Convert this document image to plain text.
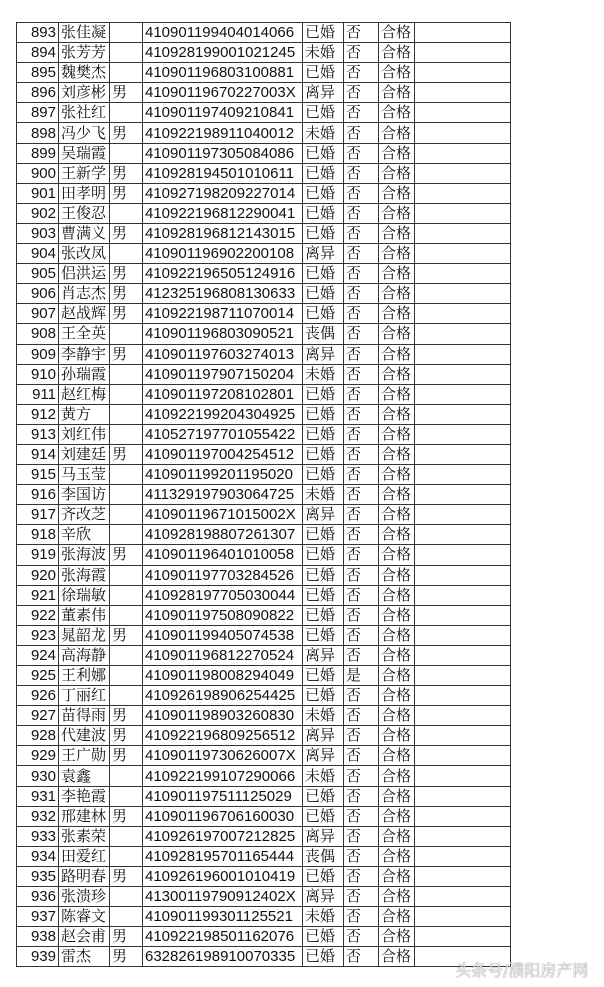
893	张佳凝		410901199404014066	已婚	否	合格	
894	张芳芳		410928199001021245	未婚	否	合格	
895	魏樊杰		410901196803100881	已婚	否	合格	
896	刘彦彬	男	41090119670227003X	离异	否	合格	
897	张社红		410901197409210841	已婚	否	合格	
898	冯少飞	男	410922198911040012	未婚	否	合格	
899	吴瑞霞		410901197305084086	已婚	否	合格	
900	王新学	男	410928194501010611	已婚	否	合格	
901	田孝明	男	410927198209227014	已婚	否	合格	
902	王俊忍		410922196812290041	已婚	否	合格	
903	曹满义	男	410928196812143015	已婚	否	合格	
904	张改凤		410901196902200108	离异	否	合格	
905	侣洪运	男	410922196505124916	已婚	否	合格	
906	肖志杰	男	412325196808130633	已婚	否	合格	
907	赵战辉	男	410922198711070014	已婚	否	合格	
908	王全英		410901196803090521	丧偶	否	合格	
909	李静宇	男	410901197603274013	离异	否	合格	
910	孙瑞霞		410901197907150204	未婚	否	合格	
911	赵红梅		410901197208102801	已婚	否	合格	
912	黄方		410922199204304925	已婚	否	合格	
913	刘红伟		410527197701055422	已婚	否	合格	
914	刘建廷	男	410901197004254512	已婚	否	合格	
915	马玉莹		410901199201195020	已婚	否	合格	
916	李国访		411329197903064725	未婚	否	合格	
917	齐改芝		41090119671015002X	离异	否	合格	
918	辛欣		410928198807261307	已婚	否	合格	
919	张海波	男	410901196401010058	已婚	否	合格	
920	张海霞		410901197703284526	已婚	否	合格	
921	徐瑞敏		410928197705030044	已婚	否	合格	
922	董素伟		410901197508090822	已婚	否	合格	
923	晁韶龙	男	410901199405074538	已婚	否	合格	
924	高海静		410901196812270524	离异	否	合格	
925	王利娜		410901198008294049	已婚	是	合格	
926	丁丽红		410926198906254425	已婚	否	合格	
927	苗得雨	男	410901198903260830	未婚	否	合格	
928	代建波	男	410922196809256512	离异	否	合格	
929	王广勋	男	41090119730626007X	离异	否	合格	
930	袁鑫		410922199107290066	未婚	否	合格	
931	李艳霞		410901197511125029	已婚	否	合格	
932	邢建林	男	410901196706160030	已婚	否	合格	
933	张素荣		410926197007212825	离异	否	合格	
934	田爱红		410928195701165444	丧偶	否	合格	
935	路明春	男	410926196001010419	已婚	否	合格	
936	张溃珍		41300119790912402X	离异	否	合格	
937	陈睿文		410901199301125521	未婚	否	合格	
938	赵会甫	男	410922198501162076	已婚	否	合格	
939	雷杰	男	632826198910070335	已婚	否	合格	
头条号/濮阳房产网
